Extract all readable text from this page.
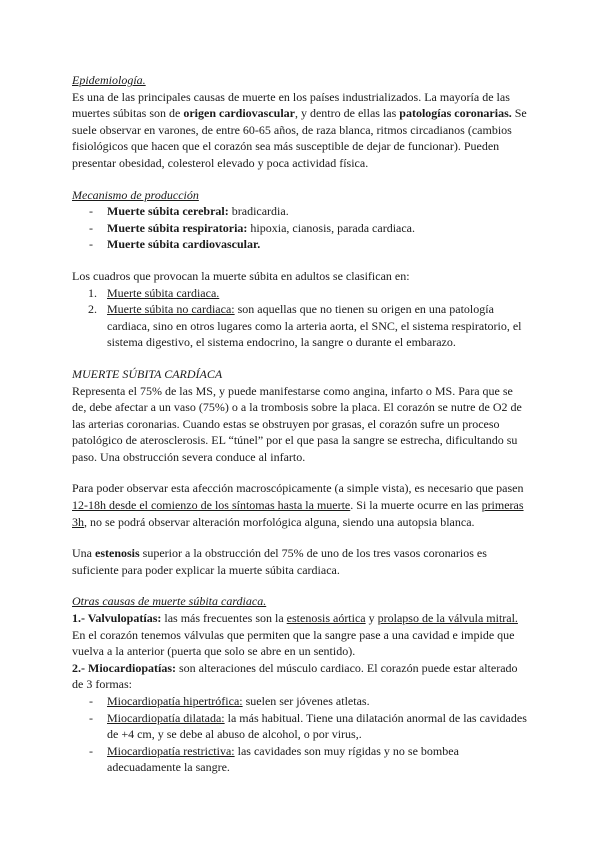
Epidemiología.

Es una de las principales causas de muerte en los países industrializados. La mayoría de las muertes súbitas son de origen cardiovascular, y dentro de ellas las patologías coronarias. Se suele observar en varones, de entre 60-65 años, de raza blanca, ritmos circadianos (cambios fisiológicos que hacen que el corazón sea más susceptible de dejar de funcionar). Pueden presentar obesidad, colesterol elevado y poca actividad física.

Mecanismo de producción

- Muerte súbita cerebral: bradicardia.
- Muerte súbita respiratoria: hipoxia, cianosis, parada cardiaca.
- Muerte súbita cardiovascular.

Los cuadros que provocan la muerte súbita en adultos se clasifican en:

1. Muerte súbita cardiaca.
2. Muerte súbita no cardiaca: son aquellas que no tienen su origen en una patología cardiaca, sino en otros lugares como la arteria aorta, el SNC, el sistema respiratorio, el sistema digestivo, el sistema endocrino, la sangre o durante el embarazo.

MUERTE SÚBITA CARDÍACA

Representa el 75% de las MS, y puede manifestarse como angina, infarto o MS. Para que se de, debe afectar a un vaso (75%) o a la trombosis sobre la placa. El corazón se nutre de O2 de las arterias coronarias. Cuando estas se obstruyen por grasas, el corazón sufre un proceso patológico de aterosclerosis. EL “túnel” por el que pasa la sangre se estrecha, dificultando su paso. Una obstrucción severa conduce al infarto.

Para poder observar esta afección macroscópicamente (a simple vista), es necesario que pasen 12-18h desde el comienzo de los síntomas hasta la muerte. Si la muerte ocurre en las primeras 3h, no se podrá observar alteración morfológica alguna, siendo una autopsia blanca.

Una estenosis superior a la obstrucción del 75% de uno de los tres vasos coronarios es suficiente para poder explicar la muerte súbita cardiaca.

Otras causas de muerte súbita cardiaca.

1.- Valvulopatías: las más frecuentes son la estenosis aórtica y prolapso de la válvula mitral. En el corazón tenemos válvulas que permiten que la sangre pase a una cavidad e impide que vuelva a la anterior (puerta que solo se abre en un sentido).

2.- Miocardiopatías: son alteraciones del músculo cardiaco. El corazón puede estar alterado de 3 formas:

- Miocardiopatía hipertrófica: suelen ser jóvenes atletas.
- Miocardiopatía dilatada: la más habitual. Tiene una dilatación anormal de las cavidades de +4 cm, y se debe al abuso de alcohol, o por virus,.
- Miocardiopatía restrictiva: las cavidades son muy rígidas y no se bombea adecuadamente la sangre.
